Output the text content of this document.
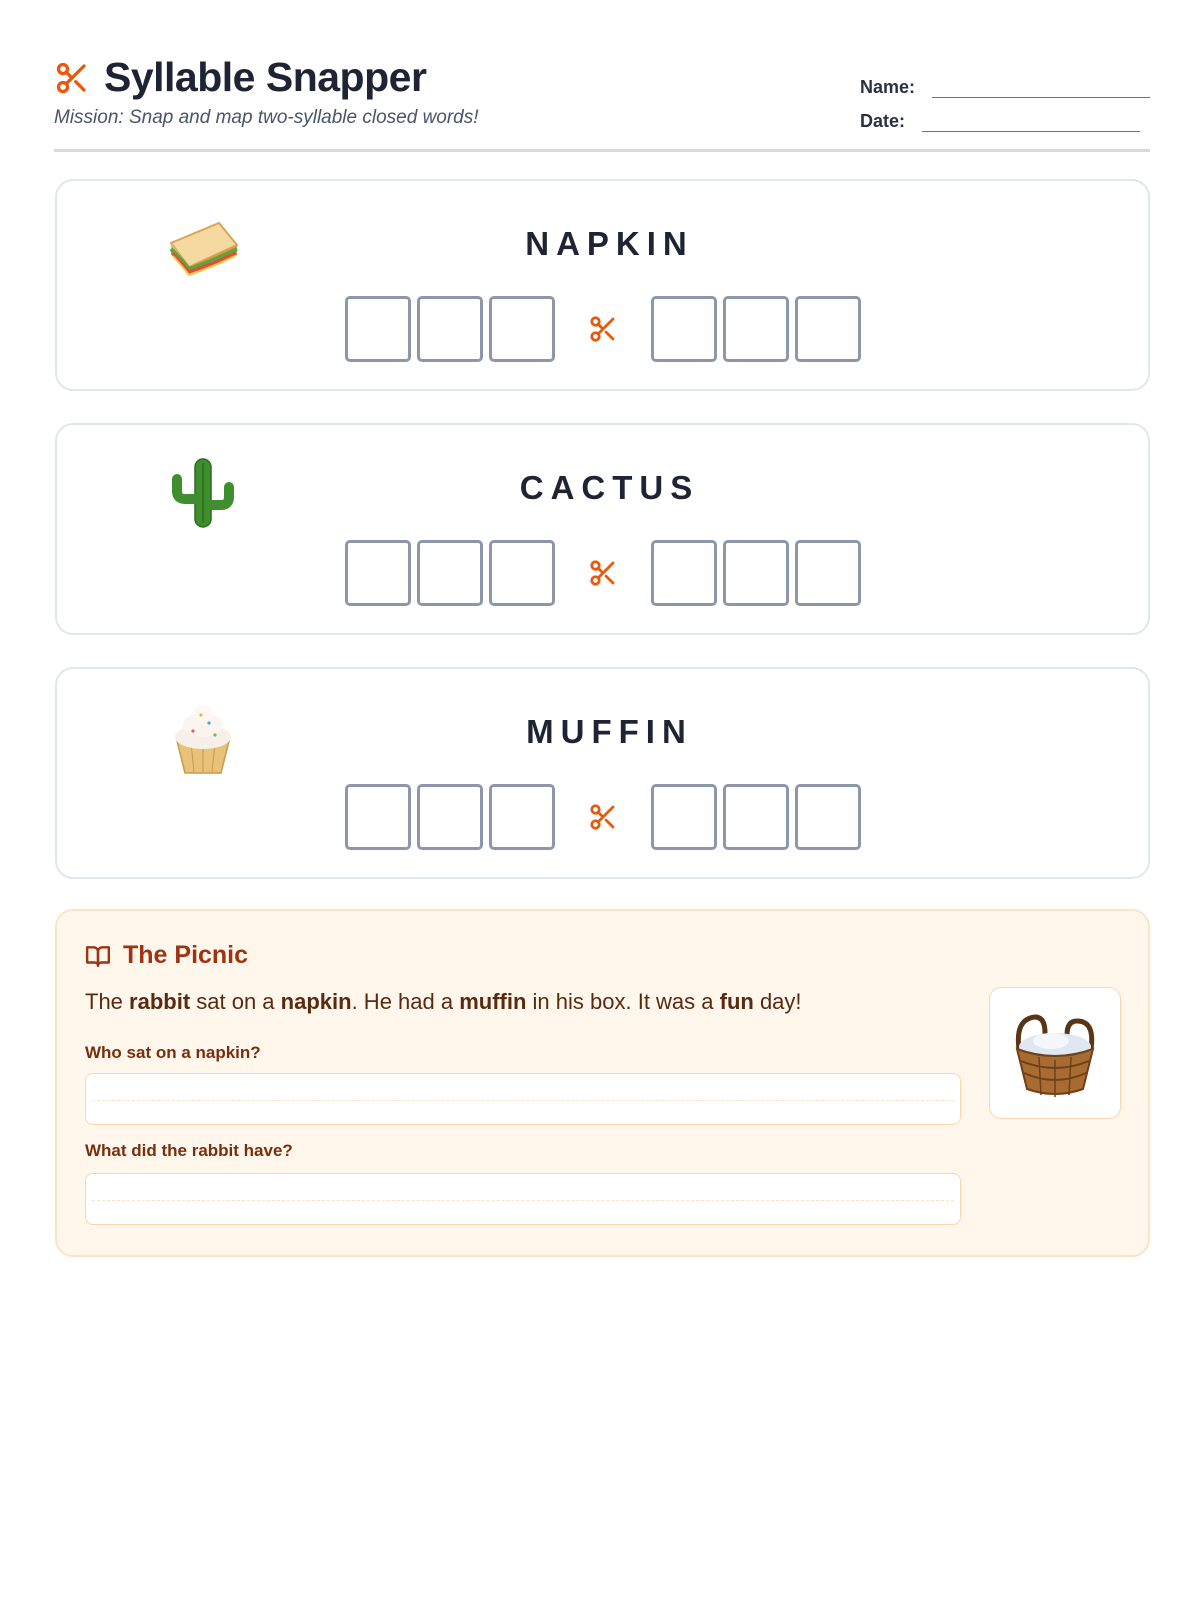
Syllable Snapper
Mission: Snap and map two-syllable closed words!
Name:
Date:
NAPKIN
CACTUS
MUFFIN
The Picnic

The rabbit sat on a napkin. He had a muffin in his box. It was a fun day!

Who sat on a napkin?
What did the rabbit have?
